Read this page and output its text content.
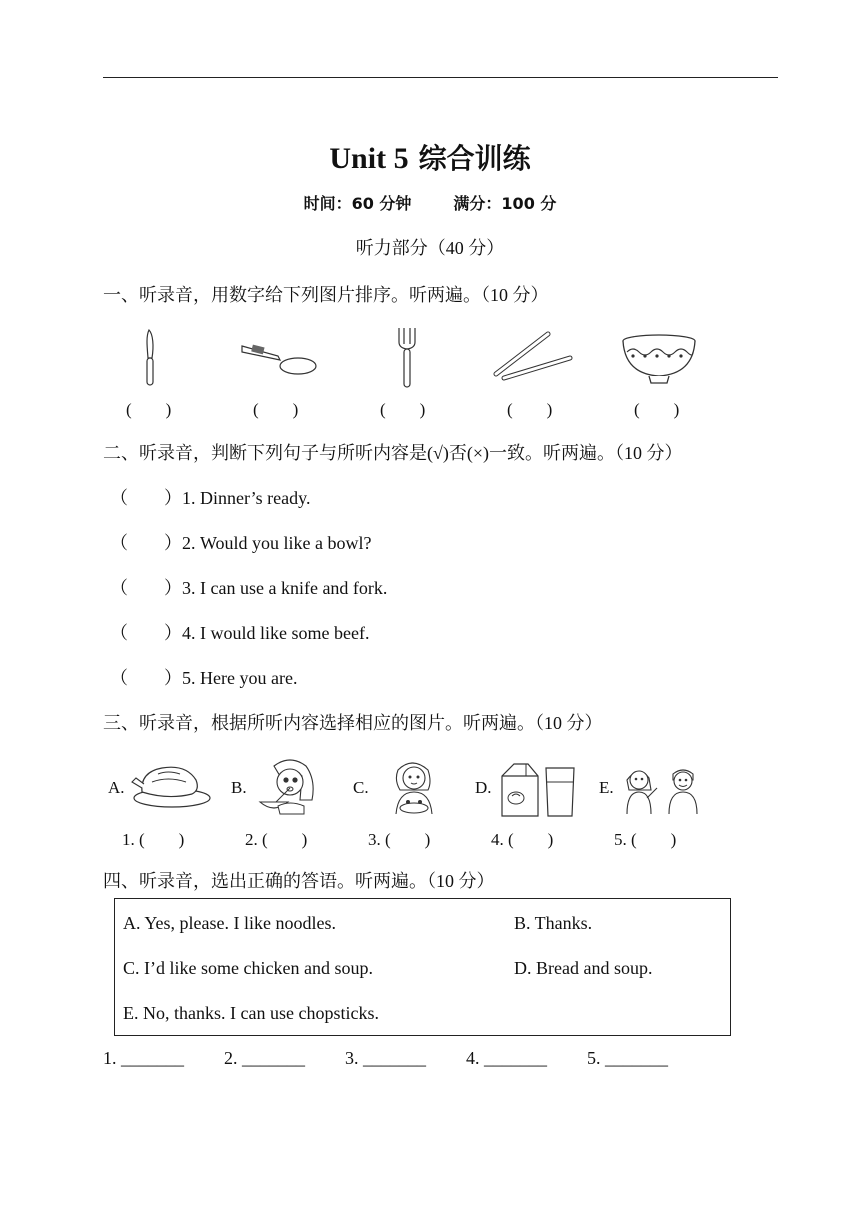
Unit 5 综合训练
时间：60 分钟	满分：100 分
听力部分（40 分）
一、听录音，用数字给下列图片排序。听两遍。（10 分）
(　　)	(　　)	(　　)	(　　)	(　　)
二、听录音，判断下列句子与所听内容是(√)否(×)一致。听两遍。（10 分）
（　　）1. Dinner’s ready.
（　　）2. Would you like a bowl?
（　　）3. I can use a knife and fork.
（　　）4. I would like some beef.
（　　）5. Here you are.
三、听录音，根据所听内容选择相应的图片。听两遍。（10 分）
A.	B.	C.	D.	E.
1. (　　)	2. (　　)	3. (　　)	4. (　　)	5. (　　)
四、听录音，选出正确的答语。听两遍。（10 分）
A. Yes, please. I like noodles.	B. Thanks.
C. I’d like some chicken and soup.	D. Bread and soup.
E. No, thanks. I can use chopsticks.
1. _______ 2. _______ 3. _______ 4. _______ 5. _______
